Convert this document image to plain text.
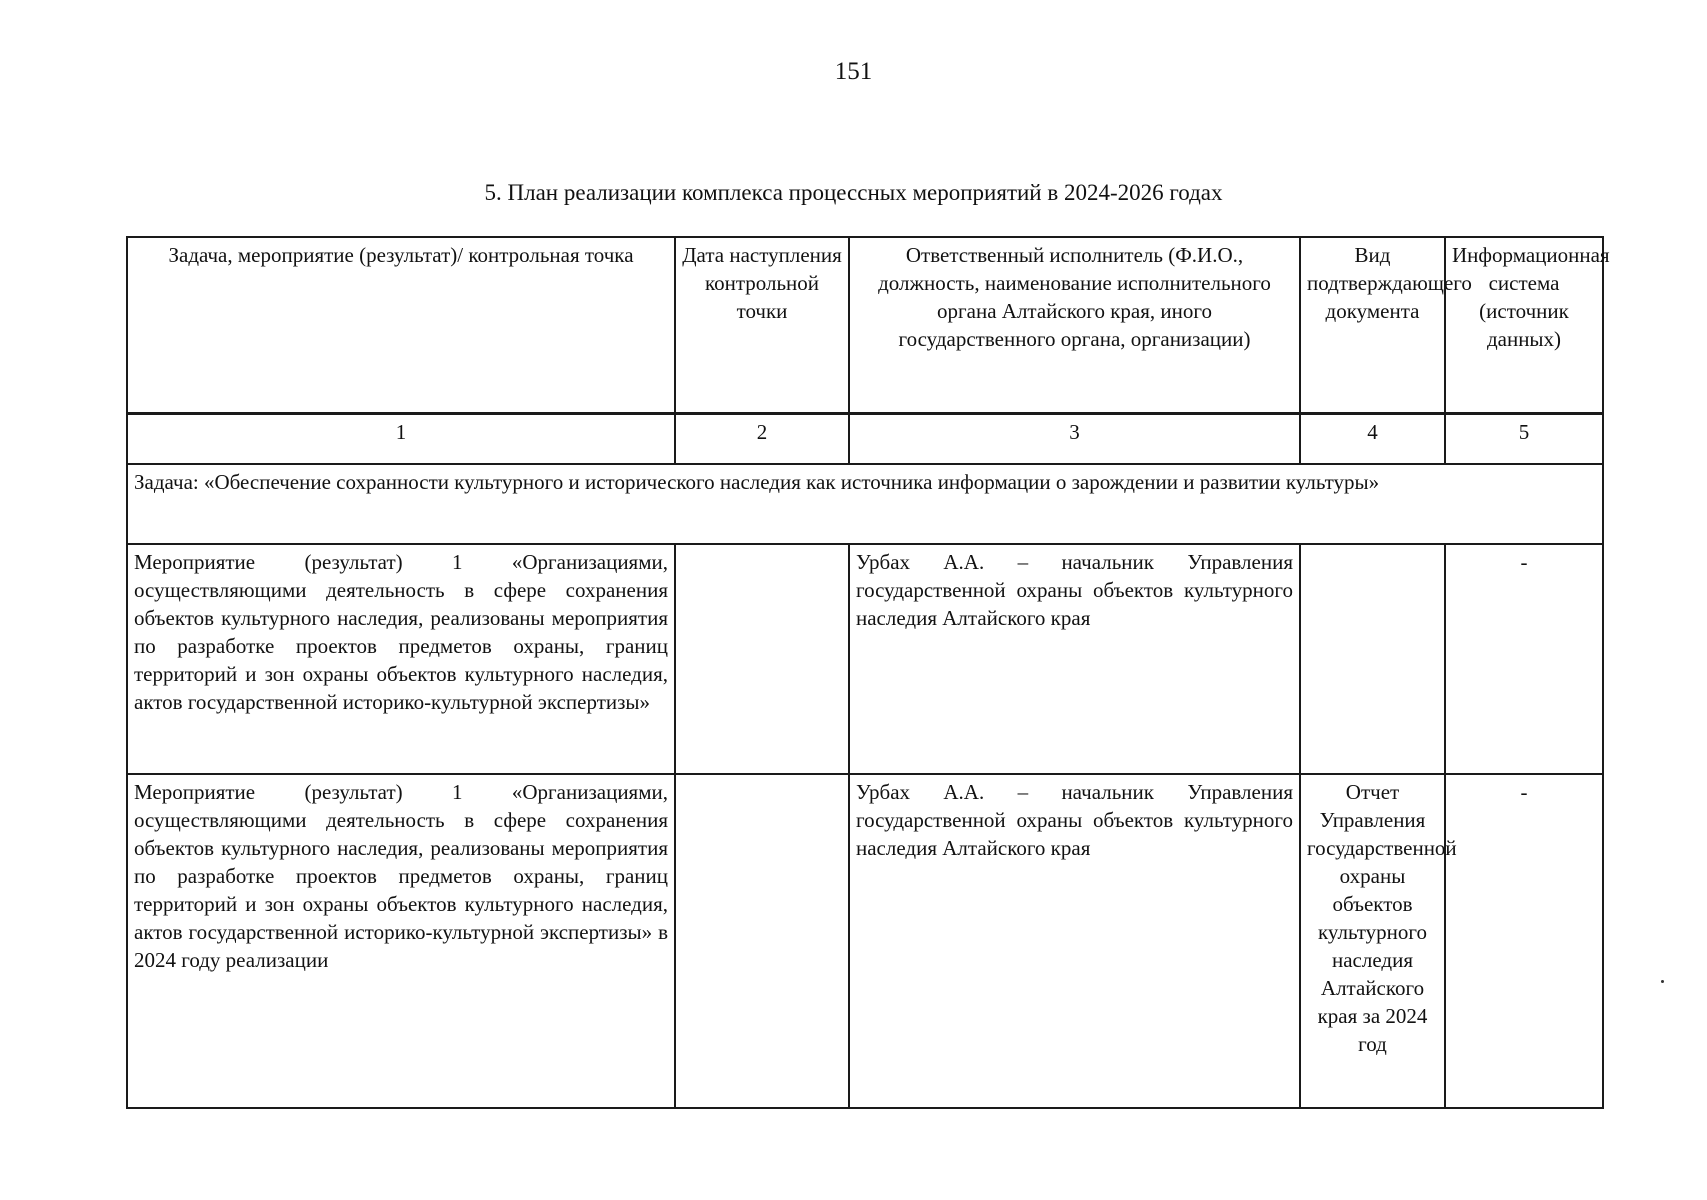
151
5. План реализации комплекса процессных мероприятий в 2024-2026 годах
Задача, мероприятие (результат)/ контрольная точка	Дата наступления контрольной точки	Ответственный исполнитель (Ф.И.О., должность, наименование исполнительного органа Алтайского края, иного государственного органа, организации)	Вид подтверждающего документа	Информационная система (источник данных)
1	2	3	4	5
Задача: «Обеспечение сохранности культурного и исторического наследия как источника информации о зарождении и развитии культуры»				
Мероприятие (результат) 1 «Организациями, осуществляющими деятельность в сфере сохранения объектов культурного наследия, реализованы мероприятия по разработке проектов предметов охраны, границ территорий и зон охраны объектов культурного наследия, актов государственной историко-культурной экспертизы»		Урбах А.А. – начальник Управления государственной охраны объектов культурного наследия Алтайского края		-
Мероприятие (результат) 1 «Организациями, осуществляющими деятельность в сфере сохранения объектов культурного наследия, реализованы мероприятия по разработке проектов предметов охраны, границ территорий и зон охраны объектов культурного наследия, актов государственной историко-культурной экспертизы» в 2024 году реализации		Урбах А.А. – начальник Управления государственной охраны объектов культурного наследия Алтайского края	Отчет Управления государственной охраны объектов культурного наследия Алтайского края за 2024 год	-
